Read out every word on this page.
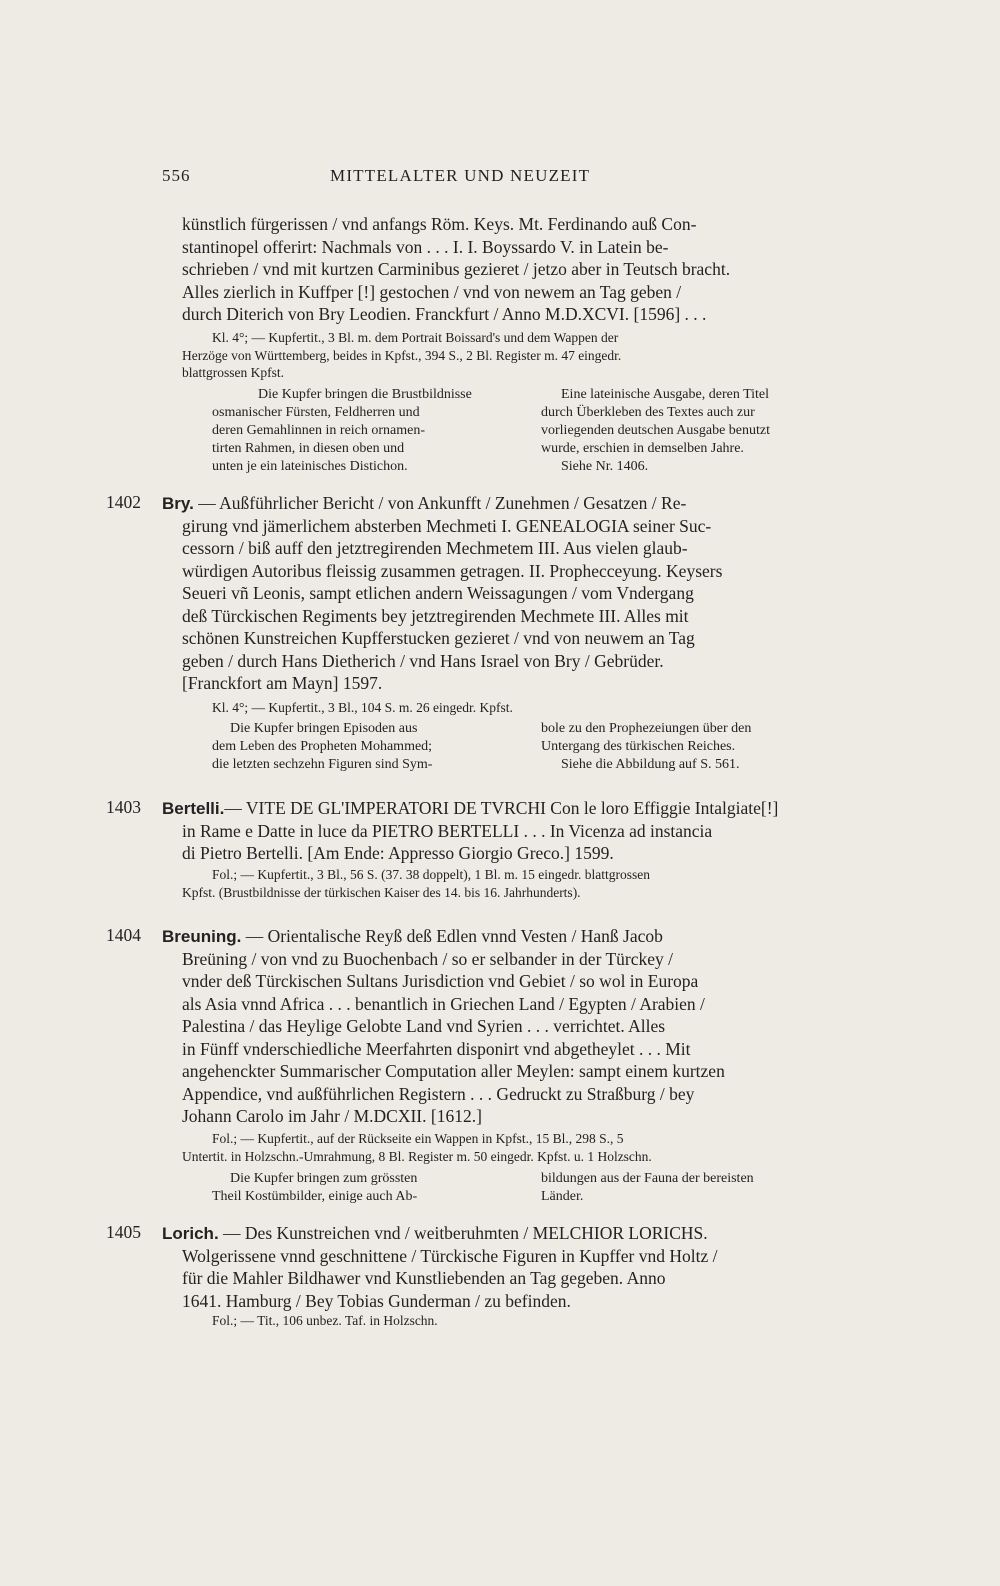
556	MITTELALTER UND NEUZEIT
künstlich fürgerissen / vnd anfangs Röm. Keys. Mt. Ferdinando auß Con-
stantinopel offerirt: Nachmals von . . . I. I. Boyssardo V. in Latein be-
schrieben / vnd mit kurtzen Carminibus gezieret / jetzo aber in Teutsch bracht.
Alles zierlich in Kuffper [!] gestochen / vnd von newem an Tag geben /
durch Diterich von Bry Leodien. Franckfurt / Anno M.D.XCVI. [1596] . . .
Kl. 4°; — Kupfertit., 3 Bl. m. dem Portrait Boissard's und dem Wappen der
Herzöge von Württemberg, beides in Kpfst., 394 S., 2 Bl. Register m. 47 eingedr.
blattgrossen Kpfst.
Die Kupfer bringen die Brustbildnisse
osmanischer Fürsten, Feldherren und
deren Gemahlinnen in reich ornamen-
tirten Rahmen, in diesen oben und
unten je ein lateinisches Distichon.
Eine lateinische Ausgabe, deren Titel
durch Überkleben des Textes auch zur
vorliegenden deutschen Ausgabe benutzt
wurde, erschien in demselben Jahre.
Siehe Nr. 1406.
1402 Bry. — Außführlicher Bericht / von Ankunfft / Zunehmen / Gesatzen / Re-
girung vnd jämerlichem absterben Mechmeti I. GENEALOGIA seiner Suc-
cessorn / biß auff den jetztregirenden Mechmetem III. Aus vielen glaub-
würdigen Autoribus fleissig zusammen getragen. II. Prophecceyung. Keysers
Seueri vñ Leonis, sampt etlichen andern Weissagungen / vom Vndergang
deß Türckischen Regiments bey jetztregirenden Mechmete III. Alles mit
schönen Kunstreichen Kupfferstucken gezieret / vnd von neuwem an Tag
geben / durch Hans Dietherich / vnd Hans Israel von Bry / Gebrüder.
[Franckfort am Mayn] 1597.
Kl. 4°; — Kupfertit., 3 Bl., 104 S. m. 26 eingedr. Kpfst.
Die Kupfer bringen Episoden aus
dem Leben des Propheten Mohammed;
die letzten sechzehn Figuren sind Sym-
bole zu den Prophezeiungen über den
Untergang des türkischen Reiches.
Siehe die Abbildung auf S. 561.
1403 Bertelli.— VITE DE GL'IMPERATORI DE TVRCHI Con le loro Effiggie Intalgiate[!]
in Rame e Datte in luce da PIETRO BERTELLI . . . In Vicenza ad instancia
di Pietro Bertelli. [Am Ende: Appresso Giorgio Greco.] 1599.
Fol.; — Kupfertit., 3 Bl., 56 S. (37. 38 doppelt), 1 Bl. m. 15 eingedr. blattgrossen
Kpfst. (Brustbildnisse der türkischen Kaiser des 14. bis 16. Jahrhunderts).
1404 Breuning. — Orientalische Reyß deß Edlen vnnd Vesten / Hanß Jacob
Breüning / von vnd zu Buochenbach / so er selbander in der Türckey /
vnder deß Türckischen Sultans Jurisdiction vnd Gebiet / so wol in Europa
als Asia vnnd Africa . . . benantlich in Griechen Land / Egypten / Arabien /
Palestina / das Heylige Gelobte Land vnd Syrien . . . verrichtet. Alles
in Fünff vnderschiedliche Meerfahrten disponirt vnd abgetheylet . . . Mit
angehenckter Summarischer Computation aller Meylen: sampt einem kurtzen
Appendice, vnd außführlichen Registern . . . Gedruckt zu Straßburg / bey
Johann Carolo im Jahr / M.DCXII. [1612.]
Fol.; — Kupfertit., auf der Rückseite ein Wappen in Kpfst., 15 Bl., 298 S., 5
Untertit. in Holzschn.-Umrahmung, 8 Bl. Register m. 50 eingedr. Kpfst. u. 1 Holzschn.
Die Kupfer bringen zum grössten
Theil Kostümbilder, einige auch Ab-
bildungen aus der Fauna der bereisten
Länder.
1405 Lorich. — Des Kunstreichen vnd / weitberuhmten / MELCHIOR LORICHS.
Wolgerissene vnnd geschnittene / Türckische Figuren in Kupffer vnd Holtz /
für die Mahler Bildhawer vnd Kunstliebenden an Tag gegeben. Anno
1641. Hamburg / Bey Tobias Gunderman / zu befinden.
Fol.; — Tit., 106 unbez. Taf. in Holzschn.
